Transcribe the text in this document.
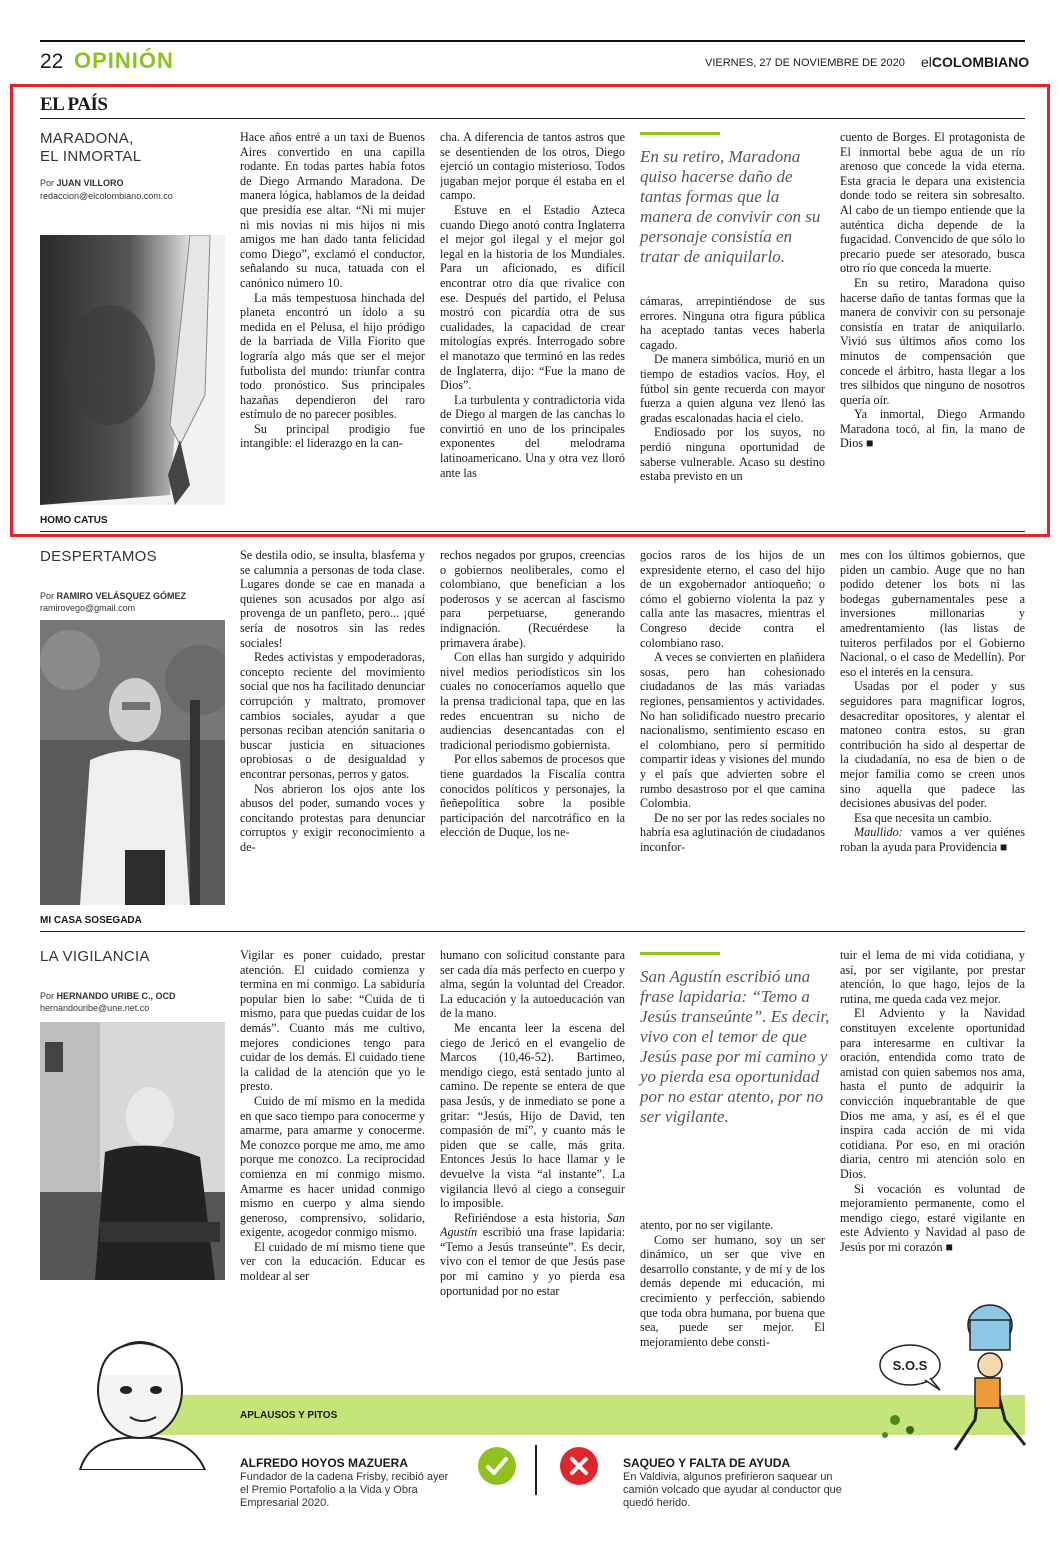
22 OPINIÓN	VIERNES, 27 DE NOVIEMBRE DE 2020 elCOLOMBIANO
EL PAÍS
MARADONA,
EL INMORTAL
Por JUAN VILLORO
redaccion@elcolombiano.com.co
HOMO CATUS

Hace años entré a un taxi de Buenos Aires convertido en una capilla rodante. En todas partes había fotos de Diego Armando Maradona. De manera lógica, hablamos de la deidad que presidía ese altar. “Ni mi mujer ni mis novias ni mis hijos ni mis amigos me han dado tanta felicidad como Diego”, exclamó el conductor, señalando su nuca, tatuada con el canónico número 10.

La más tempestuosa hinchada del planeta encontró un ídolo a su medida en el Pelusa, el hijo pródigo de la barriada de Villa Fiorito que lograría algo más que ser el mejor futbolista del mundo: triunfar contra todo pronóstico. Sus principales hazañas dependieron del raro estímulo de no parecer posibles.

Su principal prodigio fue intangible: el liderazgo en la can-

cha. A diferencia de tantos astros que se desentienden de los otros, Diego ejerció un contagio misterioso. Todos jugaban mejor porque él estaba en el campo.

Estuve en el Estadio Azteca cuando Diego anotó contra Inglaterra el mejor gol ilegal y el mejor gol legal en la historia de los Mundiales. Para un aficionado, es difícil encontrar otro día que rivalice con ese. Después del partido, el Pelusa mostró con picardía otra de sus cualidades, la capacidad de crear mitologías exprés. Interrogado sobre el manotazo que terminó en las redes de Inglaterra, dijo: “Fue la mano de Dios”.

La turbulenta y contradictoria vida de Diego al margen de las canchas lo convirtió en uno de los principales exponentes del melodrama latinoamericano. Una y otra vez lloró ante las

En su retiro, Maradona quiso hacerse daño de tantas formas que la manera de convivir con su personaje consistía en tratar de aniquilarlo.

cámaras, arrepintiéndose de sus errores. Ninguna otra figura pública ha aceptado tantas veces haberla cagado.

De manera simbólica, murió en un tiempo de estadios vacíos. Hoy, el fútbol sin gente recuerda con mayor fuerza a quien alguna vez llenó las gradas escalonadas hacia el cielo.

Endiosado por los suyos, no perdió ninguna oportunidad de saberse vulnerable. Acaso su destino estaba previsto en un

cuento de Borges. El protagonista de El inmortal bebe agua de un río arenoso que concede la vida eterna. Esta gracia le depara una existencia donde todo se reitera sin sobresalto. Al cabo de un tiempo entiende que la auténtica dicha depende de la fugacidad. Convencido de que sólo lo precario puede ser atesorado, busca otro río que conceda la muerte.

En su retiro, Maradona quiso hacerse daño de tantas formas que la manera de convivir con su personaje consistía en tratar de aniquilarlo. Vivió sus últimos años como los minutos de compensación que concede el árbitro, hasta llegar a los tres silbidos que ninguno de nosotros quería oír.

Ya inmortal, Diego Armando Maradona tocó, al fin, la mano de Dios ■

DESPERTAMOS
Por RAMIRO VELÁSQUEZ GÓMEZ
ramirovego@gmail.com
MI CASA SOSEGADA

Se destila odio, se insulta, blasfema y se calumnia a personas de toda clase. Lugares donde se cae en manada a quienes son acusados por algo así provenga de un panfleto, pero... ¡qué sería de nosotros sin las redes sociales!

Redes activistas y empoderadoras, concepto reciente del movimiento social que nos ha facilitado denunciar corrupción y maltrato, promover cambios sociales, ayudar a que personas reciban atención sanitaria o buscar justicia en situaciones oprobiosas o de desigualdad y encontrar personas, perros y gatos.

Nos abrieron los ojos ante los abusos del poder, sumando voces y concitando protestas para denunciar corruptos y exigir reconocimiento a de-

rechos negados por grupos, creencias o gobiernos neoliberales, como el colombiano, que benefician a los poderosos y se acercan al fascismo para perpetuarse, generando indignación. (Recuérdese la primavera árabe).

Con ellas han surgido y adquirido nivel medios periodísticos sin los cuales no conoceríamos aquello que la prensa tradicional tapa, que en las redes encuentran su nicho de audiencias desencantadas con el tradicional periodismo gobiernista.

Por ellos sabemos de procesos que tiene guardados la Fiscalía contra conocidos políticos y personajes, la ñeñepolítica sobre la posible participación del narcotráfico en la elección de Duque, los ne-

gocios raros de los hijos de un expresidente eterno, el caso del hijo de un exgobernador antioqueño; o cómo el gobierno violenta la paz y calla ante las masacres, mientras el Congreso decide contra el colombiano raso.

A veces se convierten en plañidera sosas, pero han cohesionado ciudadanos de las más variadas regiones, pensamientos y actividades. No han solidificado nuestro precario nacionalismo, sentimiento escaso en el colombiano, pero sí permitido compartir ideas y visiones del mundo y el país que advierten sobre el rumbo desastroso por el que camina Colombia.

De no ser por las redes sociales no habría esa aglutinación de ciudadanos inconfor-

mes con los últimos gobiernos, que piden un cambio. Auge que no han podido detener los bots ni las bodegas gubernamentales pese a inversiones millonarias y amedrentamiento (las listas de tuiteros perfilados por el Gobierno Nacional, o el caso de Medellín). Por eso el interés en la censura.

Usadas por el poder y sus seguidores para magnificar logros, desacreditar opositores, y alentar el matoneo contra estos, su gran contribución ha sido al despertar de la ciudadanía, no esa de bien o de mejor familia como se creen unos sino aquella que padece las decisiones abusivas del poder.

Esa que necesita un cambio.

Maullido: vamos a ver quiénes roban la ayuda para Providencia ■

LA VIGILANCIA
Por HERNANDO URIBE C., OCD
hernandouribe@une.net.co

Vigilar es poner cuidado, prestar atención. El cuidado comienza y termina en mí conmigo. La sabiduría popular bien lo sabe: “Cuida de ti mismo, para que puedas cuidar de los demás”. Cuanto más me cultivo, mejores condiciones tengo para cuidar de los demás. El cuidado tiene la calidad de la atención que yo le presto.

Cuido de mí mismo en la medida en que saco tiempo para conocerme y amarme, para amarme y conocerme. Me conozco porque me amo, me amo porque me conozco. La reciprocidad comienza en mí conmigo mismo. Amarme es hacer unidad conmigo mismo en cuerpo y alma siendo generoso, comprensivo, solidario, exigente, acogedor conmigo mismo.

El cuidado de mí mismo tiene que ver con la educación. Educar es moldear al ser

humano con solicitud constante para ser cada día más perfecto en cuerpo y alma, según la voluntad del Creador. La educación y la autoeducación van de la mano.

Me encanta leer la escena del ciego de Jericó en el evangelio de Marcos (10,46-52). Bartimeo, mendigo ciego, está sentado junto al camino. De repente se entera de que pasa Jesús, y de inmediato se pone a gritar: “Jesús, Hijo de David, ten compasión de mí”, y cuanto más le piden que se calle, más grita. Entonces Jesús lo hace llamar y le devuelve la vista “al instante”. La vigilancia llevó al ciego a conseguir lo imposible.

Refiriéndose a esta historia, San Agustín escribió una frase lapidaria: “Temo a Jesús transeúnte”. Es decir, vivo con el temor de que Jesús pase por mi camino y yo pierda esa oportunidad por no estar

San Agustín escribió una frase lapidaria: “Temo a Jesús transeúnte”. Es decir, vivo con el temor de que Jesús pase por mi camino y yo pierda esa oportunidad por no estar atento, por no ser vigilante.

atento, por no ser vigilante.

Como ser humano, soy un ser dinámico, un ser que vive en desarrollo constante, y de mí y de los demás depende mi educación, mi crecimiento y perfección, sabiendo que toda obra humana, por buena que sea, puede ser mejor. El mejoramiento debe consti-

tuir el lema de mi vida cotidiana, y así, por ser vigilante, por prestar atención, lo que hago, lejos de la rutina, me queda cada vez mejor.

El Adviento y la Navidad constituyen excelente oportunidad para interesarme en cultivar la oración, entendida como trato de amistad con quien sabemos nos ama, hasta el punto de adquirir la convicción inquebrantable de que Dios me ama, y así, es él el que inspira cada acción de mi vida cotidiana. Por eso, en mi oración diaria, centro mi atención solo en Dios.

Si vocación es voluntad de mejoramiento permanente, como el mendigo ciego, estaré vigilante en este Adviento y Navidad al paso de Jesús por mi corazón ■

APLAUSOS Y PITOS
S.O.S
ALFREDO HOYOS MAZUERA
Fundador de la cadena Frisby, recibió ayer el Premio Portafolio a la Vida y Obra Empresarial 2020.
SAQUEO Y FALTA DE AYUDA
En Valdivia, algunos prefirieron saquear un camión volcado que ayudar al conductor que quedó herido.
